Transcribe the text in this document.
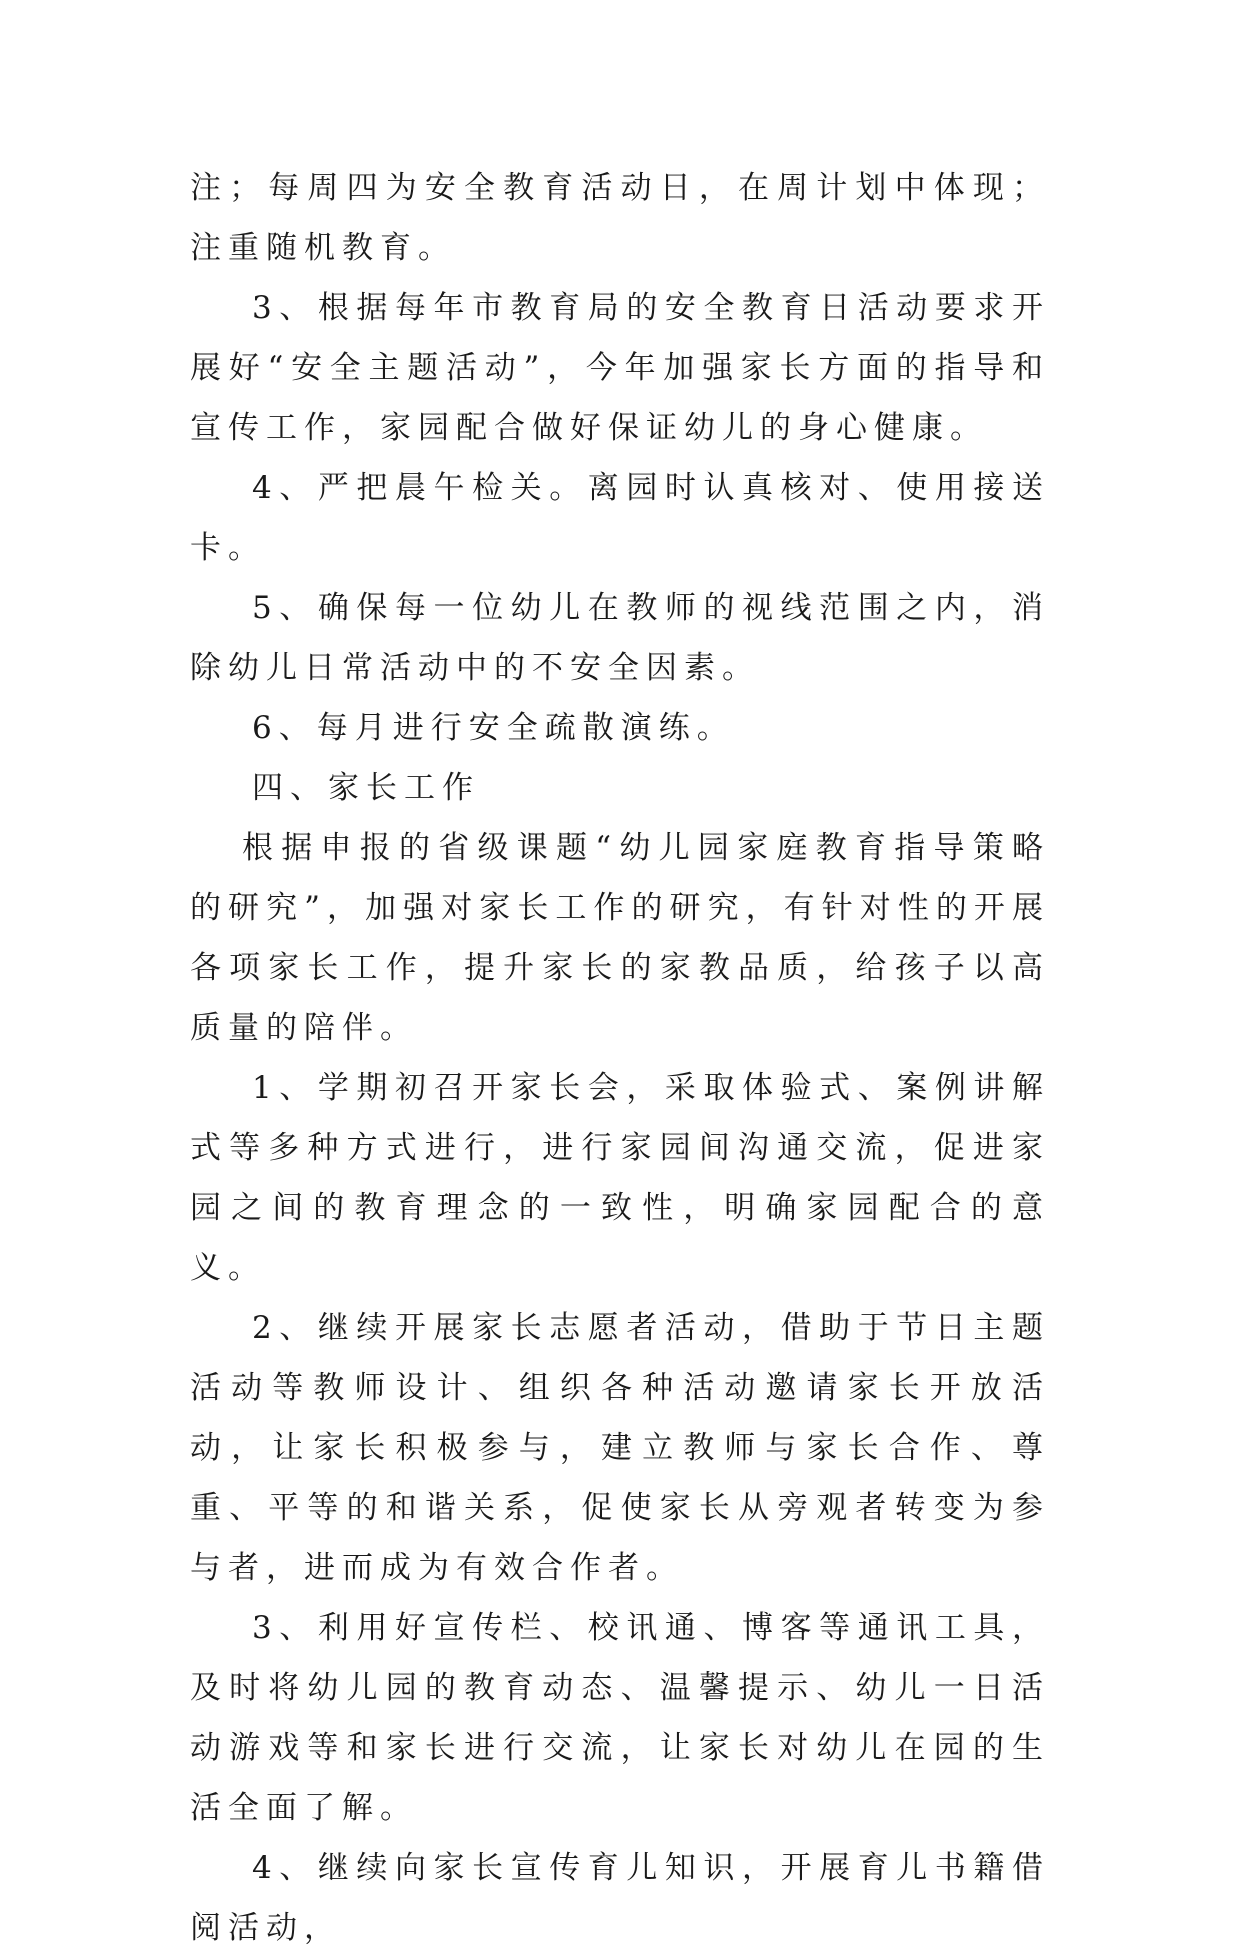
注；每周四为安全教育活动日，在周计划中体现；注重随机教育。

3、根据每年市教育局的安全教育日活动要求开展好“安全主题活动”，今年加强家长方面的指导和宣传工作，家园配合做好保证幼儿的身心健康。

4、严把晨午检关。离园时认真核对、使用接送卡。

5、确保每一位幼儿在教师的视线范围之内，消除幼儿日常活动中的不安全因素。

6、每月进行安全疏散演练。

四、家长工作

根据申报的省级课题“幼儿园家庭教育指导策略的研究”，加强对家长工作的研究，有针对性的开展各项家长工作，提升家长的家教品质，给孩子以高质量的陪伴。

1、学期初召开家长会，采取体验式、案例讲解式等多种方式进行，进行家园间沟通交流，促进家园之间的教育理念的一致性，明确家园配合的意义。

2、继续开展家长志愿者活动，借助于节日主题活动等教师设计、组织各种活动邀请家长开放活动，让家长积极参与，建立教师与家长合作、尊重、平等的和谐关系，促使家长从旁观者转变为参与者，进而成为有效合作者。

3、利用好宣传栏、校讯通、博客等通讯工具，及时将幼儿园的教育动态、温馨提示、幼儿一日活动游戏等和家长进行交流，让家长对幼儿在园的生活全面了解。

4、继续向家长宣传育儿知识，开展育儿书籍借阅活动，
